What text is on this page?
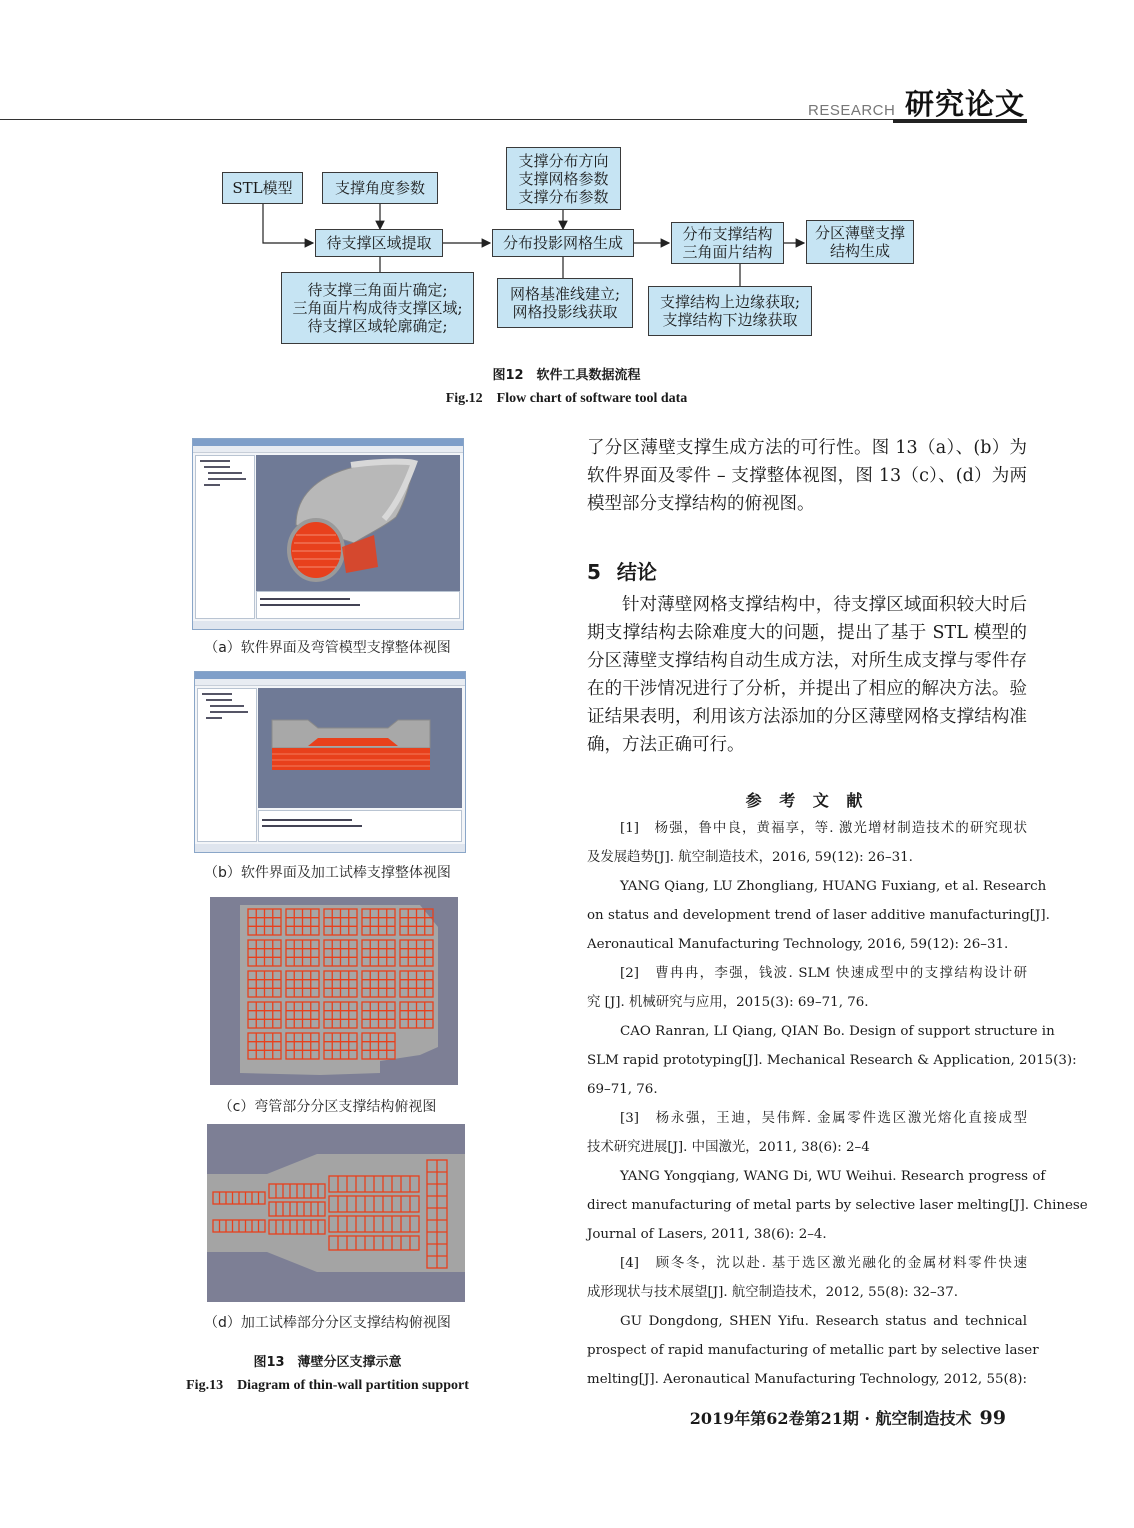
RESEARCH 研究论文
STL模型	支撑角度参数
支撑分布方向
支撑网格参数
支撑分布参数
待支撑区域提取	分布投影网格生成	分布支撑结构
三角面片结构
分区薄壁支撑
结构生成
待支撑三角面片确定;
三角面片构成待支撑区域;
待支撑区域轮廓确定;
网格基准线建立;
网格投影线获取
支撑结构上边缘获取;
支撑结构下边缘获取
图12　软件工具数据流程
Fig.12　Flow chart of software tool data
（a）软件界面及弯管模型支撑整体视图
（b）软件界面及加工试棒支撑整体视图
（c）弯管部分分区支撑结构俯视图
（d）加工试棒部分分区支撑结构俯视图
图13　薄壁分区支撑示意
Fig.13　Diagram of thin-wall partition support
了分区薄壁支撑生成方法的可行性。图 13（a）、(b）为软件界面及零件 – 支撑整体视图，图 13（c）、(d）为两模型部分支撑结构的俯视图。
5 结论
针对薄壁网格支撑结构中，待支撑区域面积较大时后期支撑结构去除难度大的问题，提出了基于 STL 模型的分区薄壁支撑结构自动生成方法，对所生成支撑与零件存在的干涉情况进行了分析，并提出了相应的解决方法。验证结果表明，利用该方法添加的分区薄壁网格支撑结构准确，方法正确可行。
参 考 文 献
[1]　杨强，鲁中良，黄福享，等. 激光增材制造技术的研究现状
及发展趋势[J]. 航空制造技术，2016, 59(12): 26–31.
YANG Qiang, LU Zhongliang, HUANG Fuxiang, et al. Research
on status and development trend of laser additive manufacturing[J].
Aeronautical Manufacturing Technology, 2016, 59(12): 26–31.
[2]　曹冉冉，李强，钱波. SLM 快速成型中的支撑结构设计研
究 [J]. 机械研究与应用，2015(3): 69–71, 76.
CAO Ranran, LI Qiang, QIAN Bo. Design of support structure in
SLM rapid prototyping[J]. Mechanical Research & Application, 2015(3):
69–71, 76.
[3]　杨永强，王迪，吴伟辉. 金属零件选区激光熔化直接成型
技术研究进展[J]. 中国激光，2011, 38(6): 2–4
YANG Yongqiang, WANG Di, WU Weihui. Research progress of
direct manufacturing of metal parts by selective laser melting[J]. Chinese
Journal of Lasers, 2011, 38(6): 2–4.
[4]　顾冬冬，沈以赴. 基于选区激光融化的金属材料零件快速
成形现状与技术展望[J]. 航空制造技术，2012, 55(8): 32–37.
GU Dongdong, SHEN Yifu. Research status and technical
prospect of rapid manufacturing of metallic part by selective laser
melting[J]. Aeronautical Manufacturing Technology, 2012, 55(8):
2019年第62卷第21期 · 航空制造技术 99
